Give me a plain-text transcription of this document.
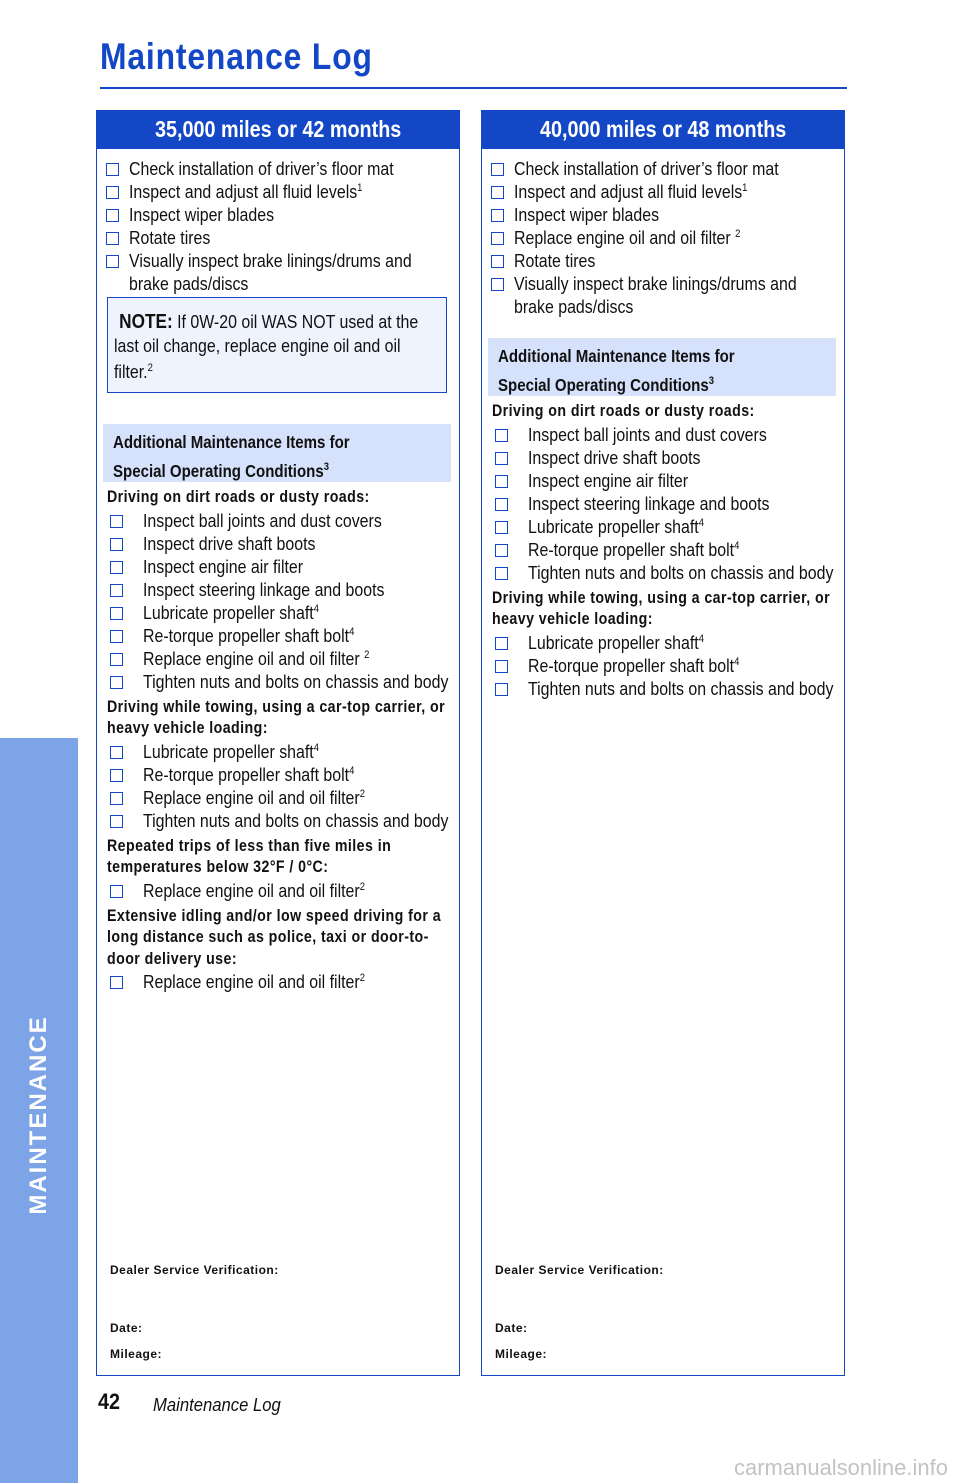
Maintenance Log
MAINTENANCE
35,000 miles or 42 months
Check installation of driver’s floor mat
Inspect and adjust all fluid levels$^1$
Inspect wiper blades
Rotate tires
Visually inspect brake linings/drums and brake pads/discs
NOTE: If 0W-20 oil WAS NOT used at the last oil change, replace engine oil and oil filter.$^2$
Additional Maintenance Items for
Special Operating Conditions$^3$
Driving on dirt roads or dusty roads:
Inspect ball joints and dust covers
Inspect drive shaft boots
Inspect engine air filter
Inspect steering linkage and boots
Lubricate propeller shaft$^4$
Re-torque propeller shaft bolt$^4$
Replace engine oil and oil filter $^2$
Tighten nuts and bolts on chassis and body
Driving while towing, using a car-top carrier, or heavy vehicle loading:
Lubricate propeller shaft$^4$
Re-torque propeller shaft bolt$^4$
Replace engine oil and oil filter$^2$
Tighten nuts and bolts on chassis and body
Repeated trips of less than five miles in temperatures below 32°F / 0°C:
Replace engine oil and oil filter$^2$
Extensive idling and/or low speed driving for a long distance such as police, taxi or door-to-door delivery use:
Replace engine oil and oil filter$^2$
Dealer Service Verification:
Date:
Mileage:
40,000 miles or 48 months
Check installation of driver’s floor mat
Inspect and adjust all fluid levels$^1$
Inspect wiper blades
Replace engine oil and oil filter $^2$
Rotate tires
Visually inspect brake linings/drums and brake pads/discs
Additional Maintenance Items for
Special Operating Conditions$^3$
Driving on dirt roads or dusty roads:
Inspect ball joints and dust covers
Inspect drive shaft boots
Inspect engine air filter
Inspect steering linkage and boots
Lubricate propeller shaft$^4$
Re-torque propeller shaft bolt$^4$
Tighten nuts and bolts on chassis and body
Driving while towing, using a car-top carrier, or heavy vehicle loading:
Lubricate propeller shaft$^4$
Re-torque propeller shaft bolt$^4$
Tighten nuts and bolts on chassis and body
Dealer Service Verification:
Date:
Mileage:
42 Maintenance Log
carmanualsonline.info
